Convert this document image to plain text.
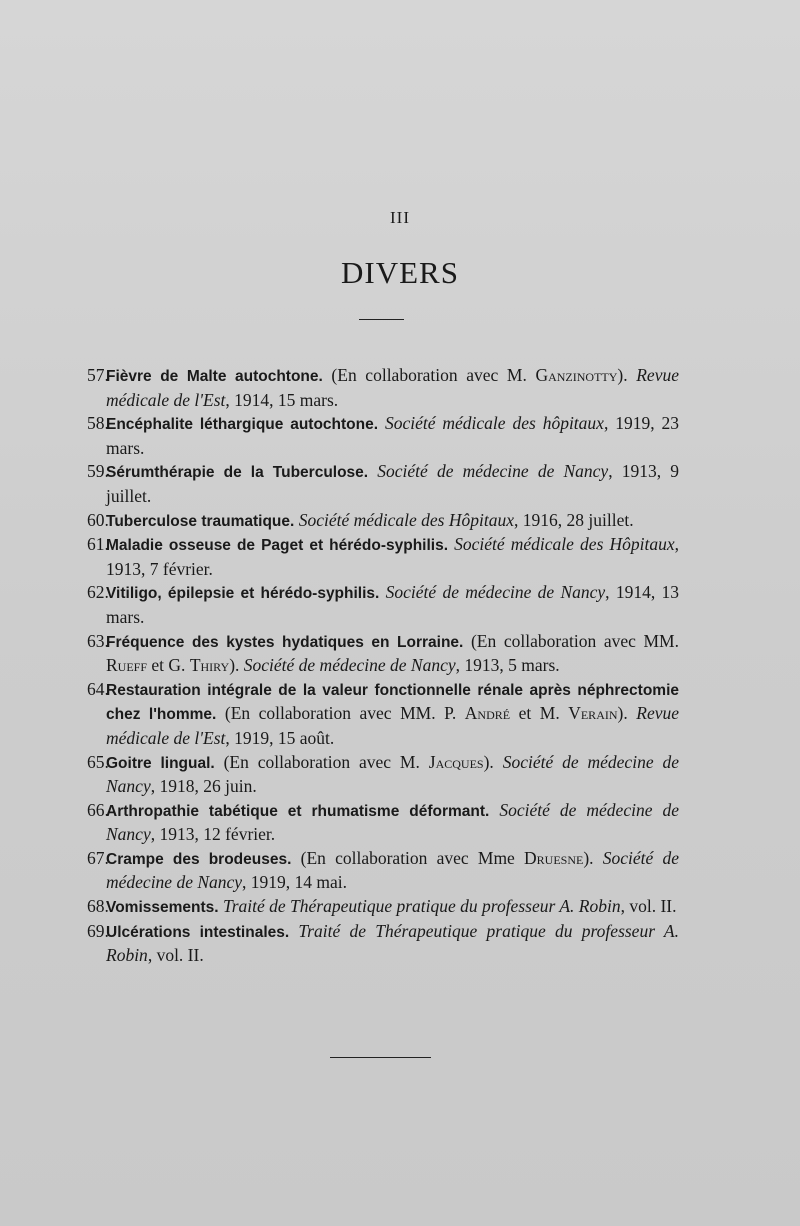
III
DIVERS
57.Fièvre de Malte autochtone. (En collaboration avec M. Ganzinotty). Revue médicale de l'Est, 1914, 15 mars.
58.Encéphalite léthargique autochtone. Société médicale des hôpitaux, 1919, 23 mars.
59.Sérumthérapie de la Tuberculose. Société de médecine de Nancy, 1913, 9 juillet.
60.Tuberculose traumatique. Société médicale des Hôpitaux, 1916, 28 juillet.
61.Maladie osseuse de Paget et hérédo-syphilis. Société médicale des Hôpitaux, 1913, 7 février.
62.Vitiligo, épilepsie et hérédo-syphilis. Société de médecine de Nancy, 1914, 13 mars.
63.Fréquence des kystes hydatiques en Lorraine. (En collaboration avec MM. Rueff et G. Thiry). Société de médecine de Nancy, 1913, 5 mars.
64.Restauration intégrale de la valeur fonctionnelle rénale après néphrectomie chez l'homme. (En collaboration avec MM. P. André et M. Verain). Revue médicale de l'Est, 1919, 15 août.
65.Goitre lingual. (En collaboration avec M. Jacques). Société de médecine de Nancy, 1918, 26 juin.
66.Arthropathie tabétique et rhumatisme déformant. Société de médecine de Nancy, 1913, 12 février.
67.Crampe des brodeuses. (En collaboration avec Mme Druesne). Société de médecine de Nancy, 1919, 14 mai.
68.Vomissements. Traité de Thérapeutique pratique du professeur A. Robin, vol. II.
69.Ulcérations intestinales. Traité de Thérapeutique pratique du professeur A. Robin, vol. II.
